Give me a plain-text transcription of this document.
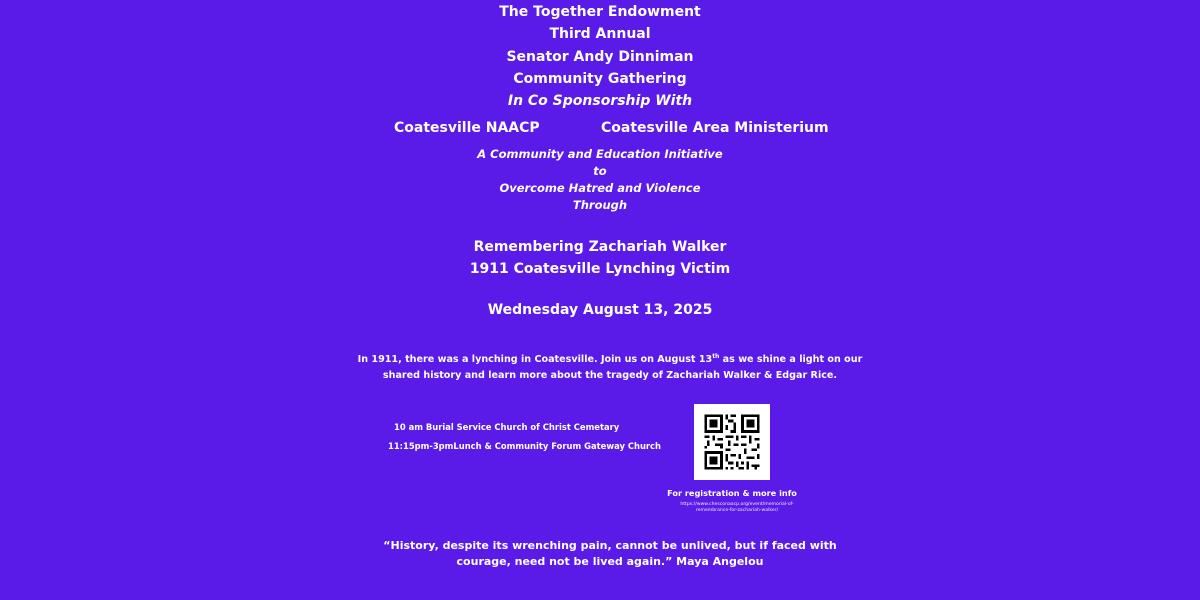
The Together Endowment

Third Annual

Senator Andy Dinniman

Community Gathering

In Co Sponsorship With

Coatesville NAACP	Coatesville Area Ministerium

A Community and Education Initiative

to

Overcome Hatred and Violence

Through

Remembering Zachariah Walker

1911 Coatesville Lynching Victim

Wednesday August 13, 2025

In 1911, there was a lynching in Coatesville. Join us on August 13th as we shine a light on our shared history and learn more about the tragedy of Zachariah Walker & Edgar Rice.
10 am Burial Service Church of Christ Cemetary
11:15pm-3pmLunch & Community Forum Gateway Church
For registration & more info
https://www.chesconaacp.org/event/memorial-of-remembrance-for-zachariah-walker/
“History, despite its wrenching pain, cannot be unlived, but if faced with courage, need not be lived again.” Maya Angelou
